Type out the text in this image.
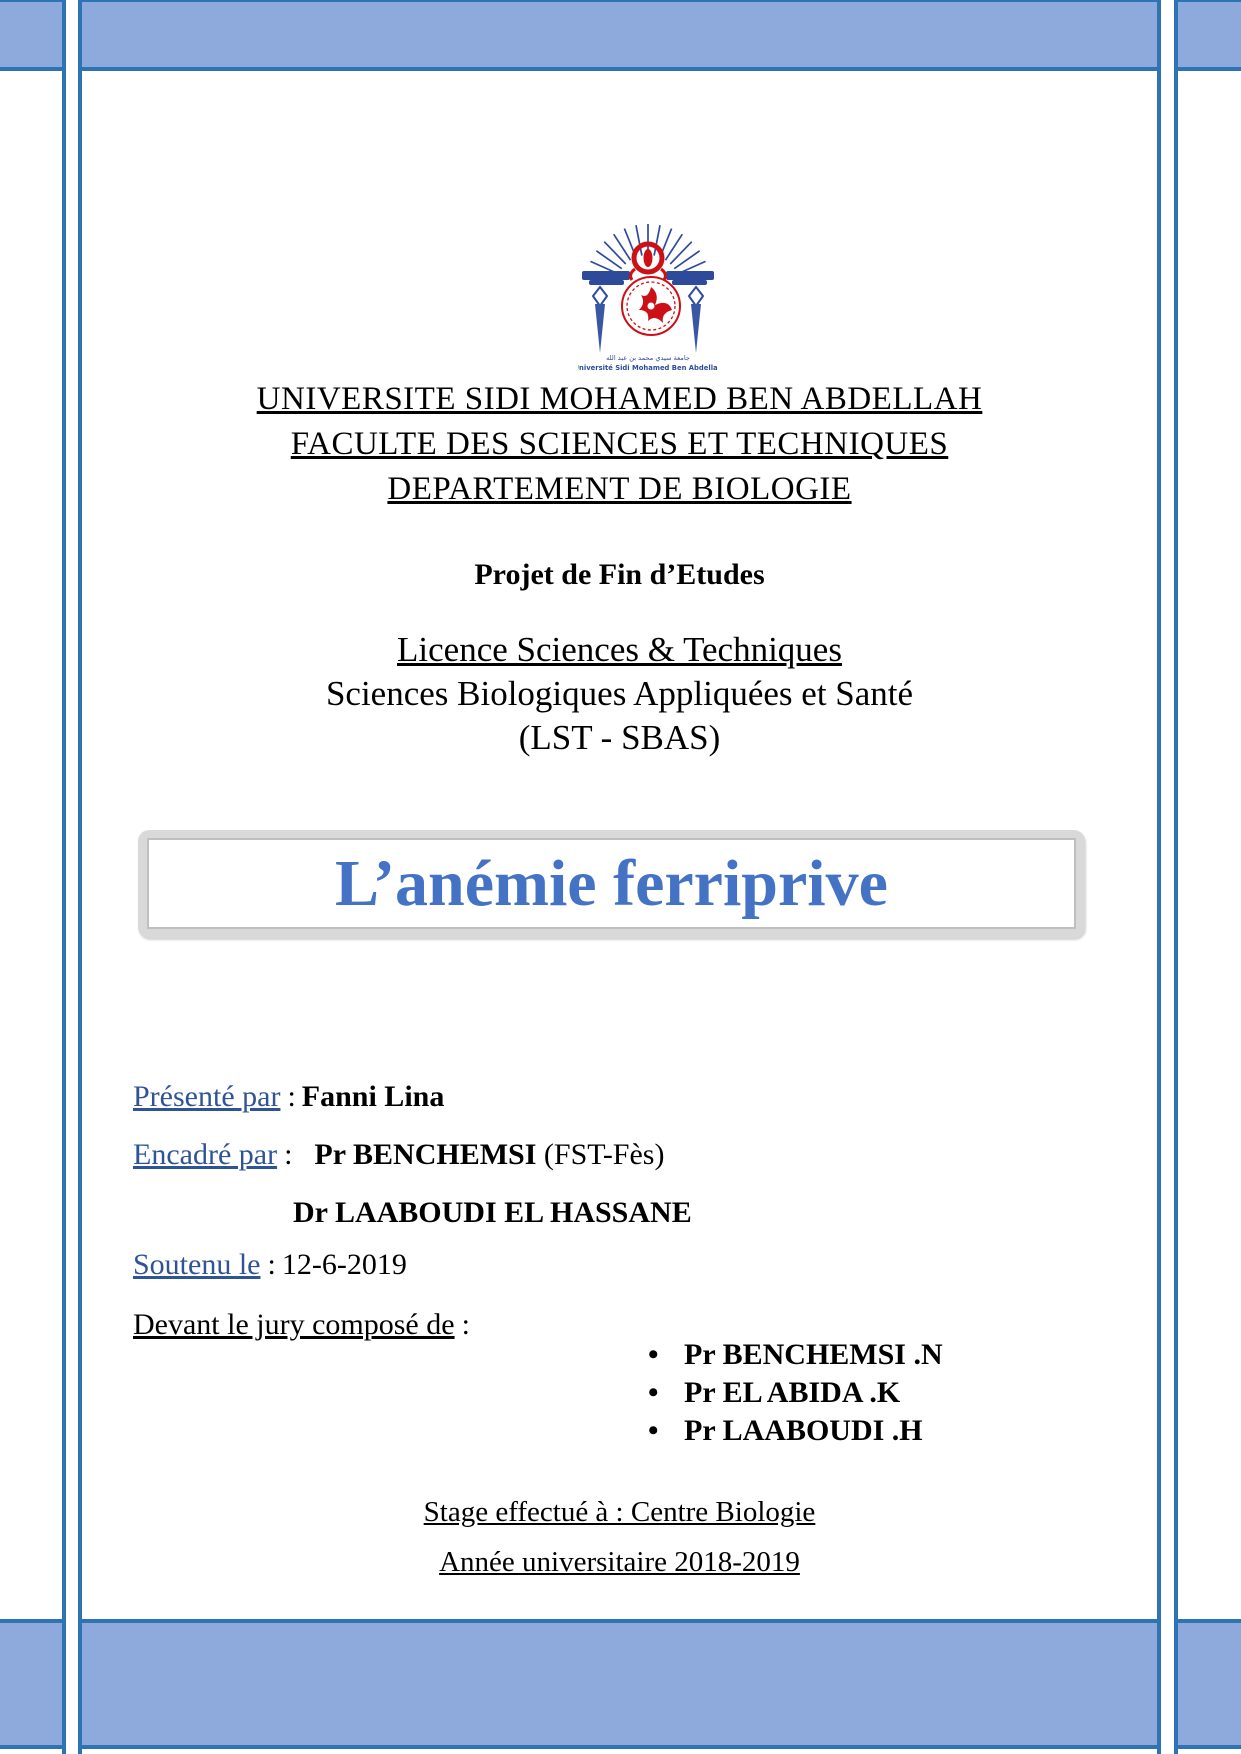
جامعة سيدي محمد بن عبد الله
Université Sidi Mohamed Ben Abdellah
UNIVERSITE SIDI MOHAMED BEN ABDELLAH
FACULTE DES SCIENCES ET TECHNIQUES
DEPARTEMENT DE BIOLOGIE
Projet de Fin d’Etudes
Licence Sciences & Techniques
Sciences Biologiques Appliquées et Santé
(LST - SBAS)
L’anémie ferriprive
Présenté par : Fanni Lina
Encadré par : Pr BENCHEMSI (FST-Fès)
Dr LAABOUDI EL HASSANE
Soutenu le : 12-6-2019
Devant le jury composé de :
• Pr BENCHEMSI .N
• Pr EL ABIDA .K
• Pr LAABOUDI .H
Stage effectué à : Centre Biologie
Année universitaire 2018-2019
